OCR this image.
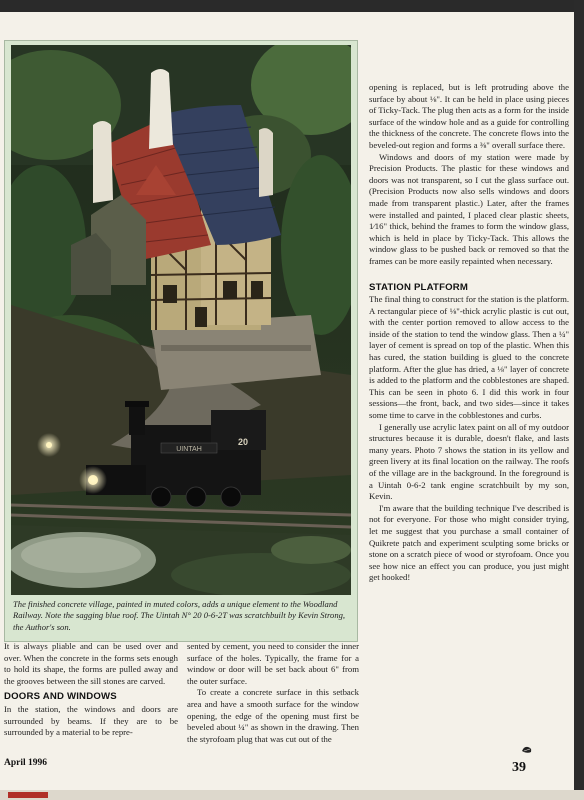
UINTAH
20

The finished concrete village, painted in muted colors, adds a unique element to the Woodland Railway. Note the sagging blue roof. The Uintah N° 20 0-6-2T was scratchbuilt by Kevin Strong, the Author's son.

It is always pliable and can be used over and over. When the concrete in the forms sets enough to hold its shape, the forms are pulled away and the grooves between the sill stones are carved.

DOORS AND WINDOWS

In the station, the windows and doors are surrounded by beams. If they are to be surrounded by a material to be repre-

sented by cement, you need to consider the inner surface of the holes. Typically, the frame for a window or door will be set back about 6" from the outer surface.

To create a concrete surface in this setback area and have a smooth surface for the window opening, the edge of the opening must first be beveled about ¼" as shown in the drawing. Then the styrofoam plug that was cut out of the

opening is replaced, but is left protruding above the surface by about ⅛". It can be held in place using pieces of Ticky-Tack. The plug then acts as a form for the inside surface of the window hole and as a guide for controlling the thickness of the concrete. The concrete flows into the beveled-out region and forms a ⅜" overall surface there.

Windows and doors of my station were made by Precision Products. The plastic for these windows and doors was not transparent, so I cut the glass surface out. (Precision Products now also sells windows and doors made from transparent plastic.) Later, after the frames were installed and painted, I placed clear plastic sheets, 1⁄16" thick, behind the frames to form the window glass, which is held in place by Ticky-Tack. This allows the window glass to be pushed back or removed so that the frames can be more easily repainted when necessary.

STATION PLATFORM

The final thing to construct for the station is the platform. A rectangular piece of ⅛"-thick acrylic plastic is cut out, with the center portion removed to allow access to the inside of the station to tend the window glass. Then a ¼" layer of cement is spread on top of the plastic. When this has cured, the station building is glued to the concrete platform. After the glue has dried, a ⅛" layer of concrete is added to the platform and the cobblestones are shaped. This can be seen in photo 6. I did this work in four sessions—the front, back, and two sides—since it takes some time to carve in the cobblestones and curbs.

I generally use acrylic latex paint on all of my outdoor structures because it is durable, doesn't flake, and lasts many years. Photo 7 shows the station in its yellow and green livery at its final location on the railway. The roofs of the village are in the background. In the foreground is a Uintah 0-6-2 tank engine scratchbuilt by my son, Kevin.

I'm aware that the building technique I've described is not for everyone. For those who might consider trying, let me suggest that you purchase a small container of Quikrete patch and experiment sculpting some bricks or stone on a scratch piece of wood or styrofoam. Once you see how nice an effect you can produce, you just might get hooked!

April 1996	39
